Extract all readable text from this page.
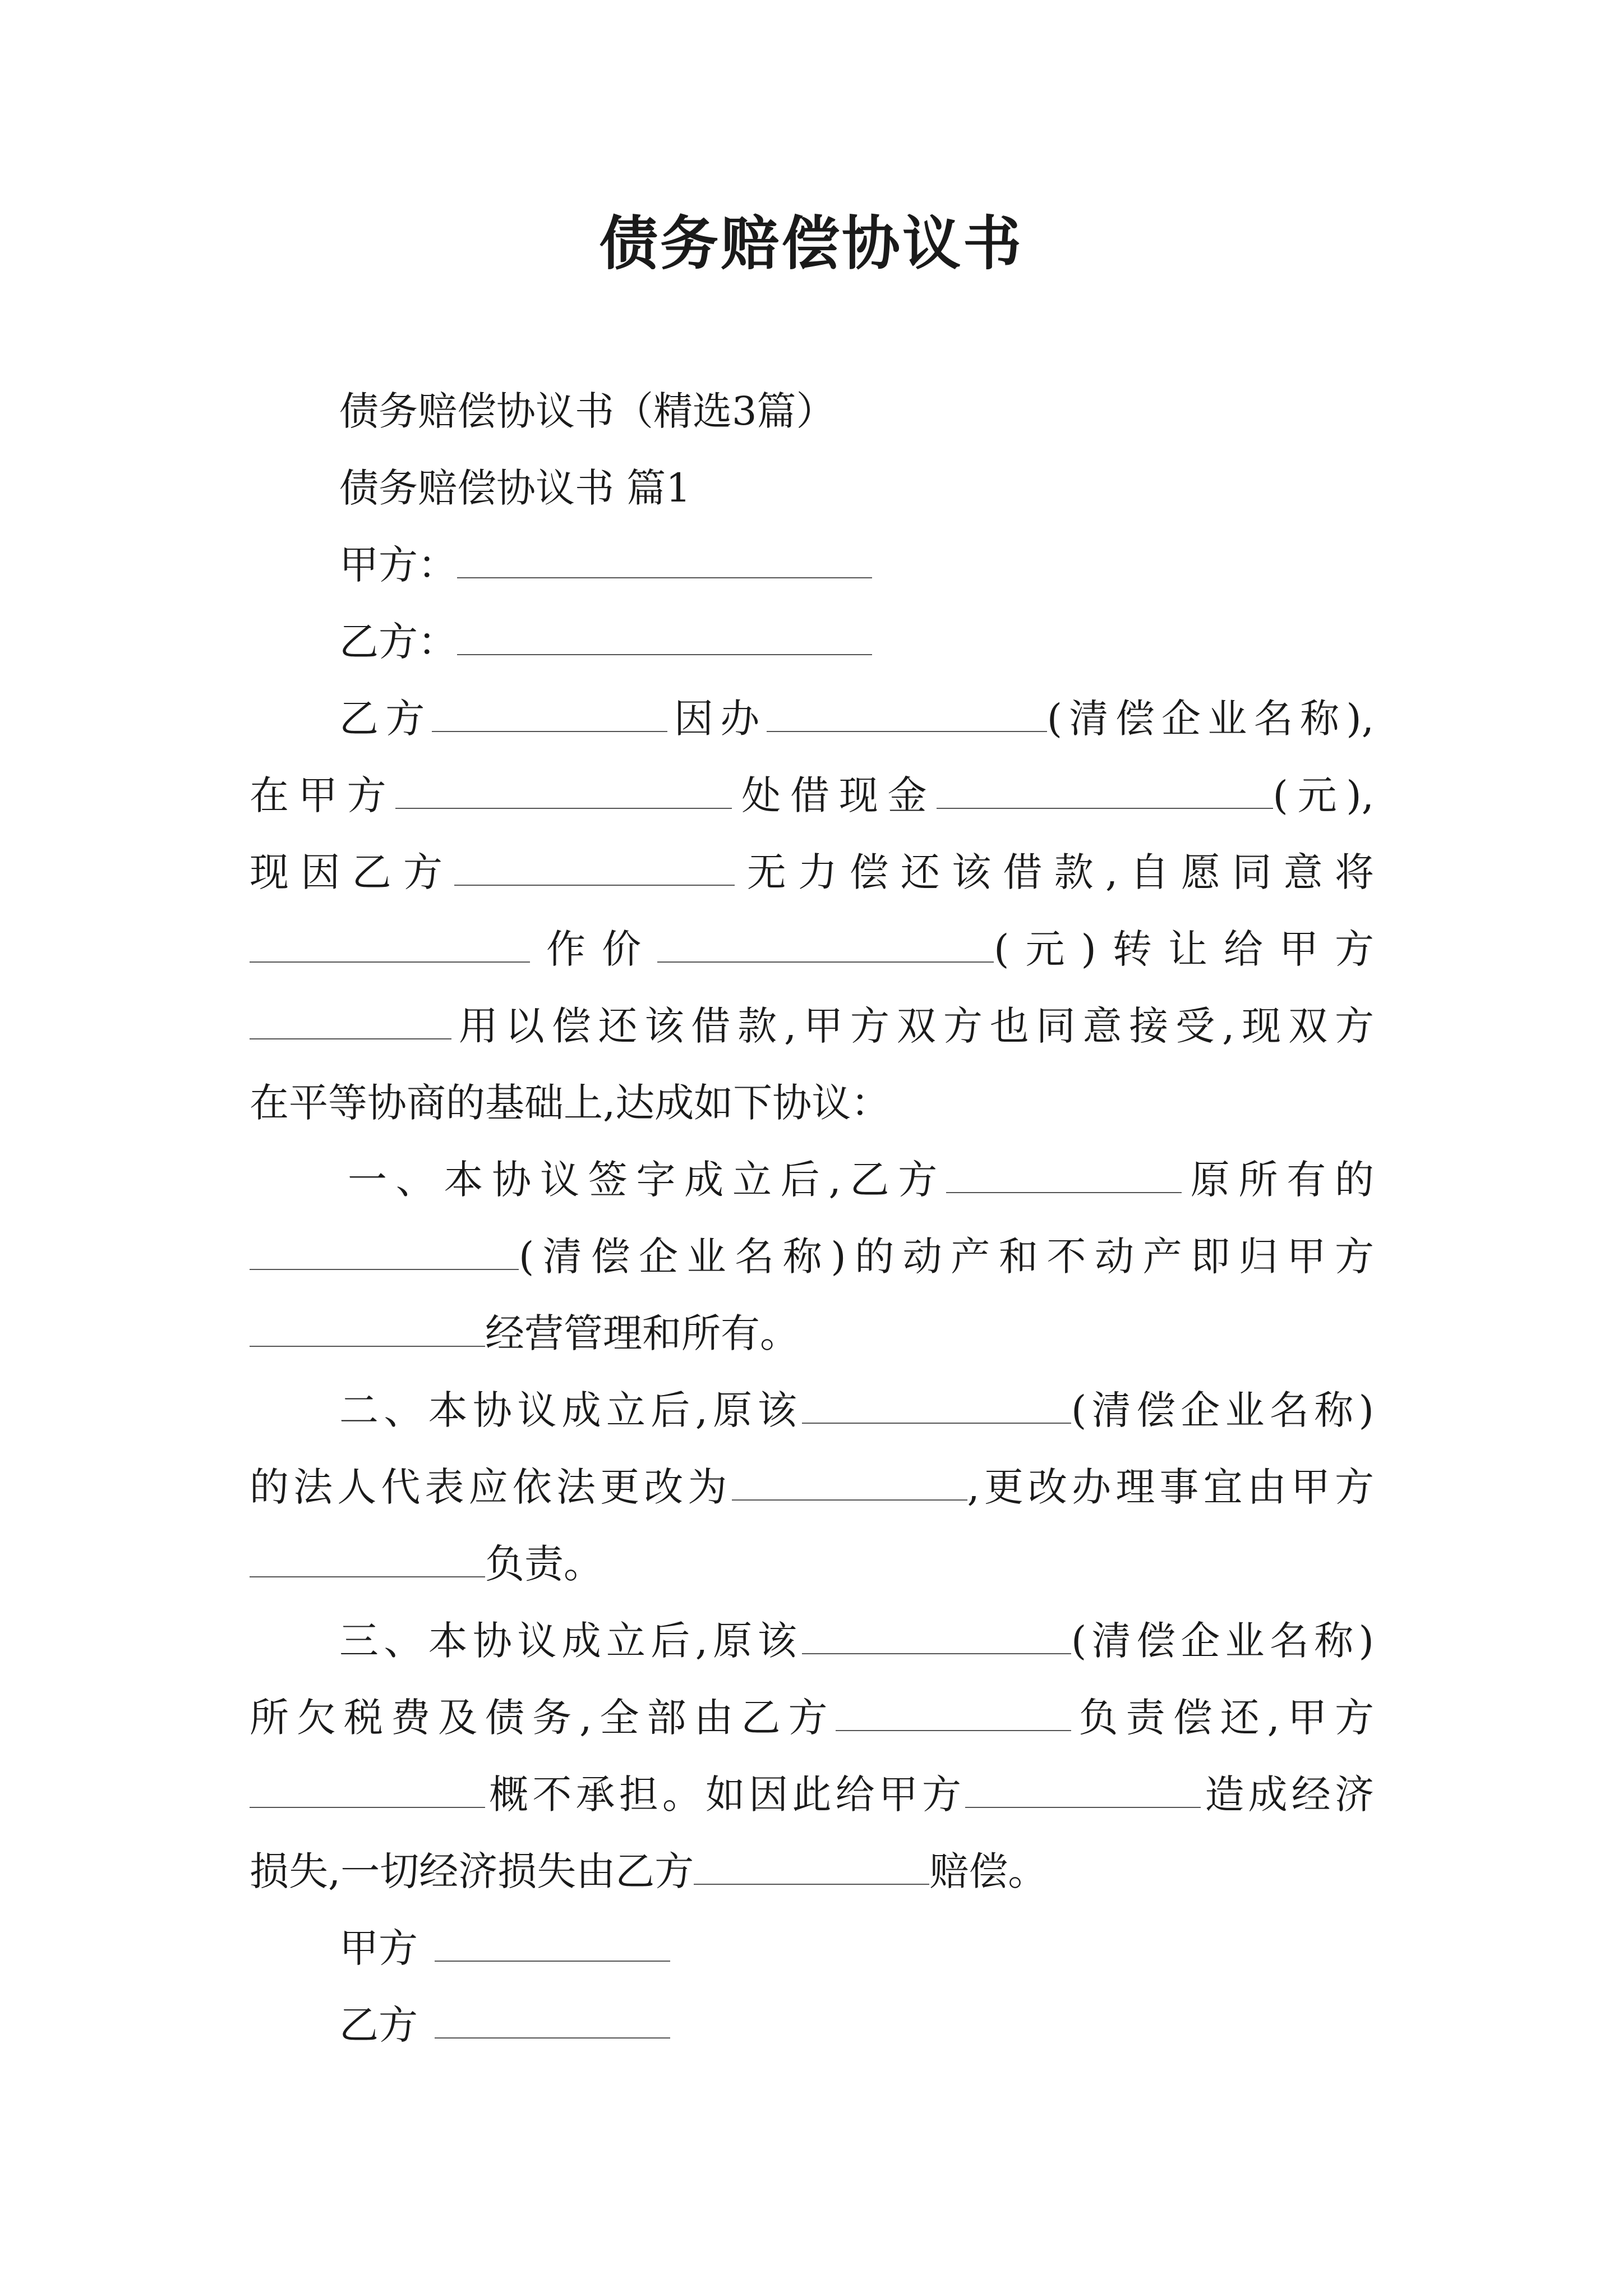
债务赔偿协议书
债务赔偿协议书（精选3篇）
债务赔偿协议书 篇1
甲方：
乙方：
乙方	因办	(清偿企业名称),
在甲方	处借现金	(元),
现因乙方	无力偿还该借款,自愿同意将
作价	(元)转让给甲方
用以偿还该借款,甲方双方也同意接受,现双方
在平等协商的基础上,达成如下协议：
一、本协议签字成立后,乙方	原所有的
(清偿企业名称)的动产和不动产即归甲方
经营管理和所有。
二、本协议成立后,原该	(清偿企业名称)
的法人代表应依法更改为	,更改办理事宜由甲方
负责。
三、本协议成立后,原该	(清偿企业名称)
所欠税费及债务,全部由乙方	负责偿还,甲方
概不承担。如因此给甲方	造成经济
损失,一切经济损失由乙方	赔偿。
甲方
乙方
